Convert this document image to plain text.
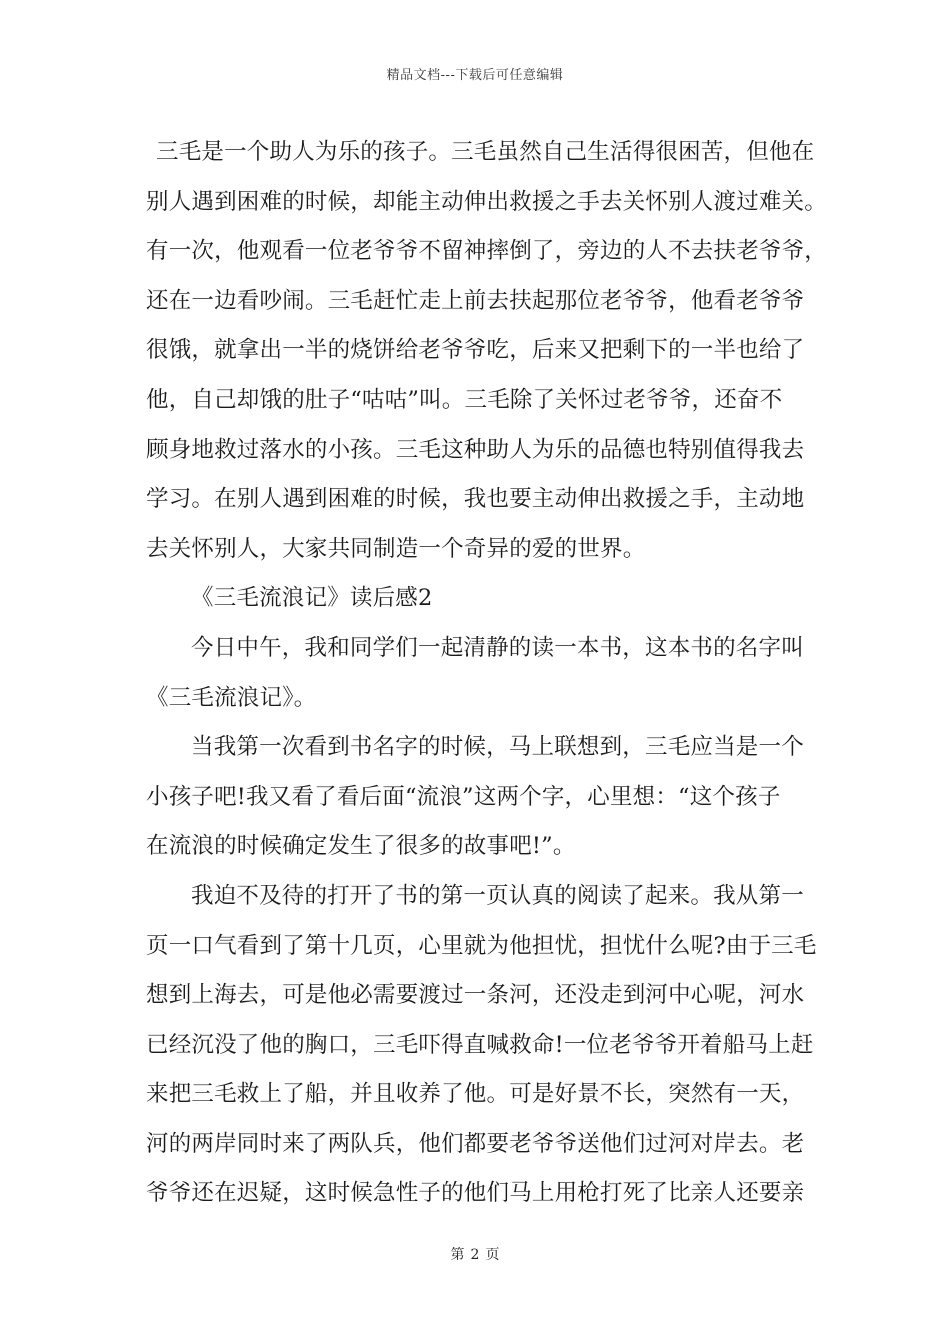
精品文档---下载后可任意编辑
三毛是一个助人为乐的孩子。三毛虽然自己生活得很困苦，但他在
别人遇到困难的时候，却能主动伸出救援之手去关怀别人渡过难关。
有一次，他观看一位老爷爷不留神摔倒了，旁边的人不去扶老爷爷，
还在一边看吵闹。三毛赶忙走上前去扶起那位老爷爷，他看老爷爷
很饿，就拿出一半的烧饼给老爷爷吃，后来又把剩下的一半也给了
他，自己却饿的肚子“咕咕”叫。三毛除了关怀过老爷爷，还奋不
顾身地救过落水的小孩。三毛这种助人为乐的品德也特别值得我去
学习。在别人遇到困难的时候，我也要主动伸出救援之手，主动地
去关怀别人，大家共同制造一个奇异的爱的世界。
《三毛流浪记》读后感2
今日中午，我和同学们一起清静的读一本书，这本书的名字叫
《三毛流浪记》。
当我第一次看到书名字的时候，马上联想到，三毛应当是一个
小孩子吧!我又看了看后面“流浪”这两个字，心里想：“这个孩子
在流浪的时候确定发生了很多的故事吧!”。
我迫不及待的打开了书的第一页认真的阅读了起来。我从第一
页一口气看到了第十几页，心里就为他担忧，担忧什么呢?由于三毛
想到上海去，可是他必需要渡过一条河，还没走到河中心呢，河水
已经沉没了他的胸口，三毛吓得直喊救命!一位老爷爷开着船马上赶
来把三毛救上了船，并且收养了他。可是好景不长，突然有一天，
河的两岸同时来了两队兵，他们都要老爷爷送他们过河对岸去。老
爷爷还在迟疑，这时候急性子的他们马上用枪打死了比亲人还要亲
第 2 页
